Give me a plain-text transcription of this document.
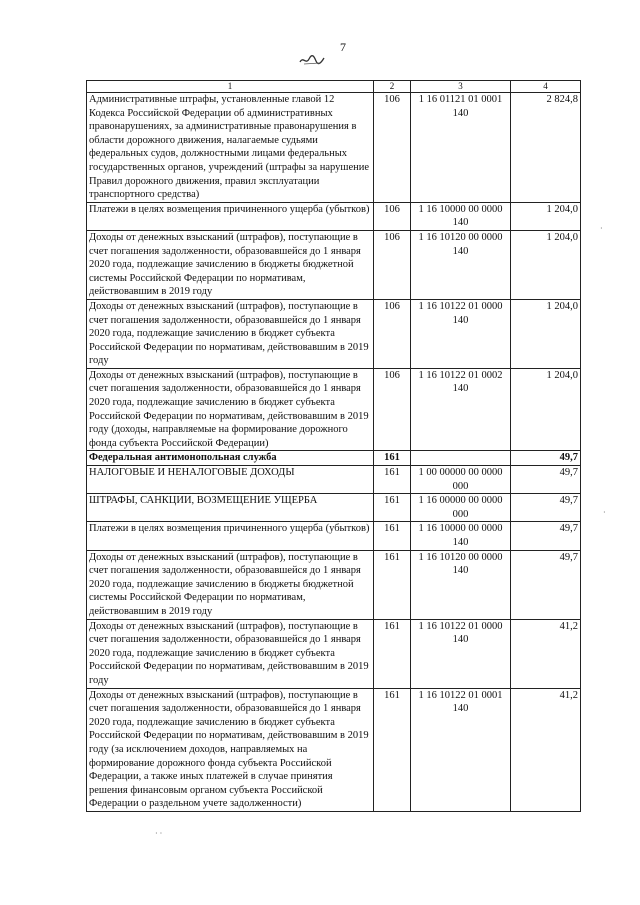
7
1	2	3	4
Административные штрафы, установленные главой 12 Кодекса Российской Федерации об административных правонарушениях, за административные правонарушения в области дорожного движения, налагаемые судьями федеральных судов, должностными лицами федеральных государственных органов, учреждений (штрафы за нарушение Правил дорожного движения, правил эксплуатации транспортного средства)	106	1 16 01121 01 0001 140	2 824,8
Платежи в целях возмещения причиненного ущерба (убытков)	106	1 16 10000 00 0000 140	1 204,0
Доходы от денежных взысканий (штрафов), поступающие в счет погашения задолженности, образовавшейся до 1 января 2020 года, подлежащие зачислению в бюджеты бюджетной системы Российской Федерации по нормативам, действовавшим в 2019 году	106	1 16 10120 00 0000 140	1 204,0
Доходы от денежных взысканий (штрафов), поступающие в счет погашения задолженности, образовавшейся до 1 января 2020 года, подлежащие зачислению в бюджет субъекта Российской Федерации по нормативам, действовавшим в 2019 году	106	1 16 10122 01 0000 140	1 204,0
Доходы от денежных взысканий (штрафов), поступающие в счет погашения задолженности, образовавшейся до 1 января 2020 года, подлежащие зачислению в бюджет субъекта Российской Федерации по нормативам, действовавшим в 2019 году (доходы, направляемые на формирование дорожного фонда субъекта Российской Федерации)	106	1 16 10122 01 0002 140	1 204,0
Федеральная антимонопольная служба	161		49,7
НАЛОГОВЫЕ И НЕНАЛОГОВЫЕ ДОХОДЫ	161	1 00 00000 00 0000 000	49,7
ШТРАФЫ, САНКЦИИ, ВОЗМЕЩЕНИЕ УЩЕРБА	161	1 16 00000 00 0000 000	49,7
Платежи в целях возмещения причиненного ущерба (убытков)	161	1 16 10000 00 0000 140	49,7
Доходы от денежных взысканий (штрафов), поступающие в счет погашения задолженности, образовавшейся до 1 января 2020 года, подлежащие зачислению в бюджеты бюджетной системы Российской Федерации по нормативам, действовавшим в 2019 году	161	1 16 10120 00 0000 140	49,7
Доходы от денежных взысканий (штрафов), поступающие в счет погашения задолженности, образовавшейся до 1 января 2020 года, подлежащие зачислению в бюджет субъекта Российской Федерации по нормативам, действовавшим в 2019 году	161	1 16 10122 01 0000 140	41,2
Доходы от денежных взысканий (штрафов), поступающие в счет погашения задолженности, образовавшейся до 1 января 2020 года, подлежащие зачислению в бюджет субъекта Российской Федерации по нормативам, действовавшим в 2019 году (за исключением доходов, направляемых на формирование дорожного фонда субъекта Российской Федерации, а также иных платежей в случае принятия решения финансовым органом субъекта Российской Федерации о раздельном учете задолженности)	161	1 16 10122 01 0001 140	41,2
·
·
· ·
